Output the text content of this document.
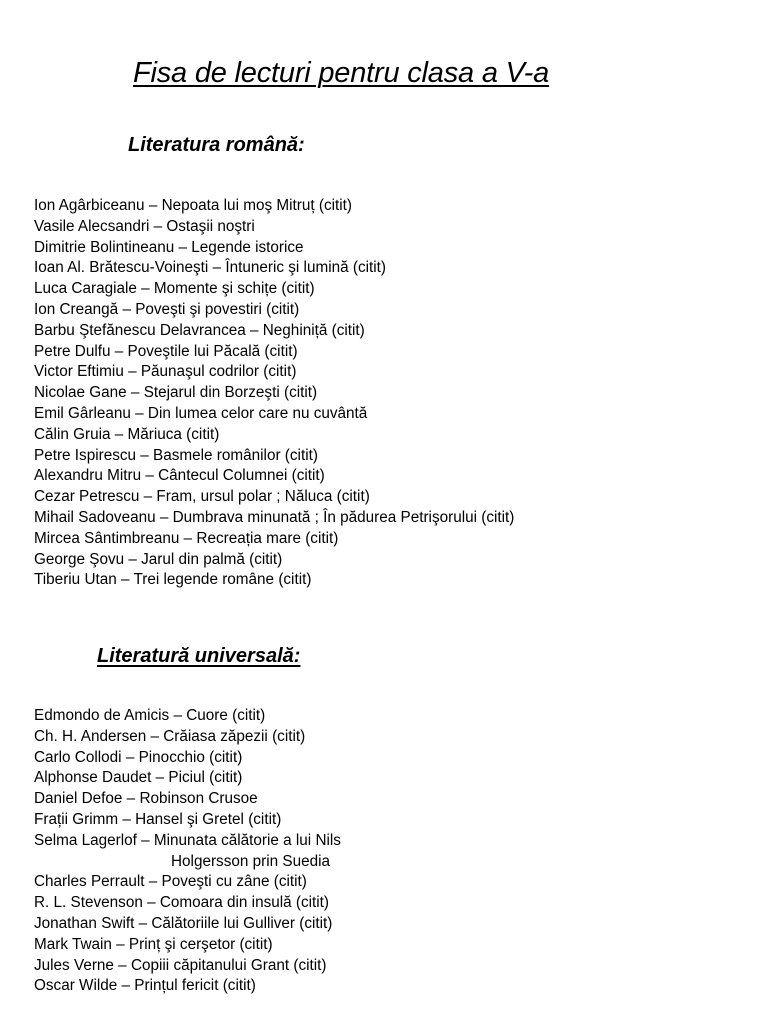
Fisa de lecturi pentru clasa a V-a
Literatura română:
Ion Agârbiceanu – Nepoata lui moş Mitruț (citit)
Vasile Alecsandri – Ostaşii noştri
Dimitrie Bolintineanu – Legende istorice
Ioan Al. Brătescu-Voineşti – Întuneric şi lumină (citit)
Luca Caragiale – Momente şi schițe (citit)
Ion Creangă – Poveşti şi povestiri (citit)
Barbu Ştefănescu Delavrancea – Neghiniță (citit)
Petre Dulfu – Poveştile lui Păcală (citit)
Victor Eftimiu – Păunaşul codrilor (citit)
Nicolae Gane – Stejarul din Borzeşti (citit)
Emil Gârleanu – Din lumea celor care nu cuvântă
Călin Gruia – Măriuca (citit)
Petre Ispirescu – Basmele românilor (citit)
Alexandru Mitru – Cântecul Columnei (citit)
Cezar Petrescu – Fram, ursul polar ; Năluca (citit)
Mihail Sadoveanu – Dumbrava minunată ; În pădurea Petrişorului (citit)
Mircea Sântimbreanu – Recreația mare (citit)
George Şovu – Jarul din palmă (citit)
Tiberiu Utan – Trei legende române (citit)
Literatură universală:
Edmondo de Amicis – Cuore (citit)
Ch. H. Andersen – Crăiasa zăpezii (citit)
Carlo Collodi – Pinocchio (citit)
Alphonse Daudet – Piciul (citit)
Daniel Defoe – Robinson Crusoe
Frații Grimm – Hansel şi Gretel (citit)
Selma Lagerlof – Minunata călătorie a lui Nils
Holgersson prin Suedia
Charles Perrault – Poveşti cu zâne (citit)
R. L. Stevenson – Comoara din insulă (citit)
Jonathan Swift – Călătoriile lui Gulliver (citit)
Mark Twain – Prinț şi cerşetor (citit)
Jules Verne – Copiii căpitanului Grant (citit)
Oscar Wilde – Prințul fericit (citit)
